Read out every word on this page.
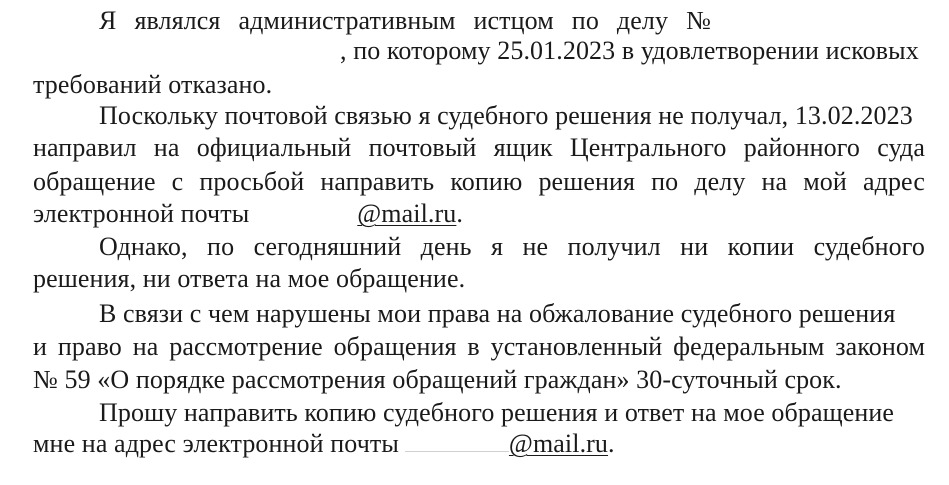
Я являлся административным истцом по делу №
, по которому 25.01.2023 в удовлетворении исковых
требований отказано.
Поскольку почтовой связью я судебного решения не получал, 13.02.2023
направил на официальный почтовый ящик Центрального районного суда
обращение с просьбой направить копию решения по делу на мой адрес
электронной почты	@mail.ru.
Однако, по сегодняшний день я не получил ни копии судебного
решения, ни ответа на мое обращение.
В связи с чем нарушены мои права на обжалование судебного решения
и право на рассмотрение обращения в установленный федеральным законом
№ 59 «О порядке рассмотрения обращений граждан» 30-суточный срок.
Прошу направить копию судебного решения и ответ на мое обращение
мне на адрес электронной почты	@mail.ru.
